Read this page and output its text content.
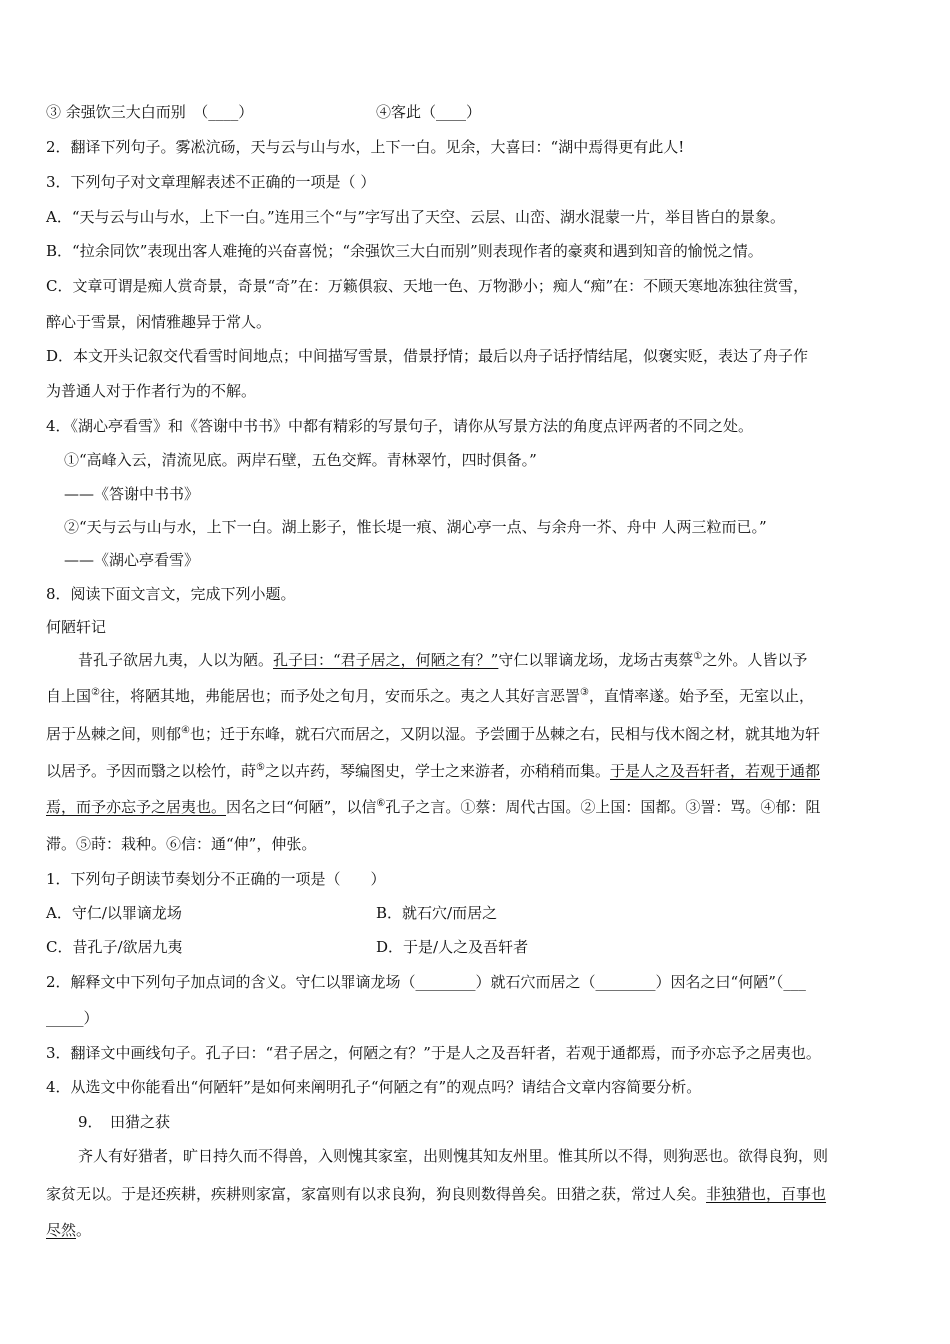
③ 余强饮三大白而别　（____）	④客此（____）
2．翻译下列句子。雾凇沆砀，天与云与山与水，上下一白。见余，大喜曰：“湖中焉得更有此人!
3．下列句子对文章理解表述不正确的一项是（ ）
A．“天与云与山与水，上下一白。”连用三个“与”字写出了天空、云层、山峦、湖水混蒙一片，举目皆白的景象。
B．“拉余同饮”表现出客人难掩的兴奋喜悦；“余强饮三大白而别”则表现作者的豪爽和遇到知音的愉悦之情。
C．文章可谓是痴人赏奇景，奇景“奇”在：万籁俱寂、天地一色、万物渺小；痴人“痴”在：不顾天寒地冻独往赏雪，
醉心于雪景，闲情雅趣异于常人。
D．本文开头记叙交代看雪时间地点；中间描写雪景，借景抒情；最后以舟子话抒情结尾，似褒实贬，表达了舟子作
为普通人对于作者行为的不解。
4．《湖心亭看雪》和《答谢中书书》中都有精彩的写景句子，请你从写景方法的角度点评两者的不同之处。
①“高峰入云，清流见底。两岸石壁，五色交辉。青林翠竹，四时俱备。”
——《答谢中书书》
②“天与云与山与水，上下一白。湖上影子，惟长堤一痕、湖心亭一点、与余舟一芥、舟中 人两三粒而已。”
——《湖心亭看雪》
8．阅读下面文言文，完成下列小题。
何陋轩记
昔孔子欲居九夷，人以为陋。孔子曰：“君子居之，何陋之有？”守仁以罪谪龙场，龙场古夷蔡①之外。人皆以予
自上国②往，将陋其地，弗能居也；而予处之旬月，安而乐之。夷之人其好言恶詈③，直情率遂。始予至，无室以止，
居于丛棘之间，则郁④也；迁于东峰，就石穴而居之，又阴以湿。予尝圃于丛棘之右，民相与伐木阁之材，就其地为轩
以居予。予因而翳之以桧竹，莳⑤之以卉药，琴编图史，学士之来游者，亦稍稍而集。于是人之及吾轩者，若观于通都
焉，而予亦忘予之居夷也。因名之曰“何陋”，以信⑥孔子之言。①蔡：周代古国。②上国：国都。③詈：骂。④郁：阻
滞。⑤莳：栽种。⑥信：通“伸”，伸张。
1．下列句子朗读节奏划分不正确的一项是（　　）
A．守仁/以罪谪龙场	B．就石穴/而居之
C．昔孔子/欲居九夷	D．于是/人之及吾轩者
2．解释文中下列句子加点词的含义。守仁以罪谪龙场（________）就石穴而居之（________）因名之曰“何陋”（___
_____）
3．翻译文中画线句子。孔子曰：“君子居之，何陋之有？”于是人之及吾轩者，若观于通都焉，而予亦忘予之居夷也。
4．从选文中你能看出“何陋轩”是如何来阐明孔子“何陋之有”的观点吗？请结合文章内容简要分析。
9．　田猎之获
齐人有好猎者，旷日持久而不得兽，入则愧其家室，出则愧其知友州里。惟其所以不得，则狗恶也。欲得良狗，则
家贫无以。于是还疾耕，疾耕则家富，家富则有以求良狗，狗良则数得兽矣。田猎之获，常过人矣。非独猎也，百事也
尽然。
